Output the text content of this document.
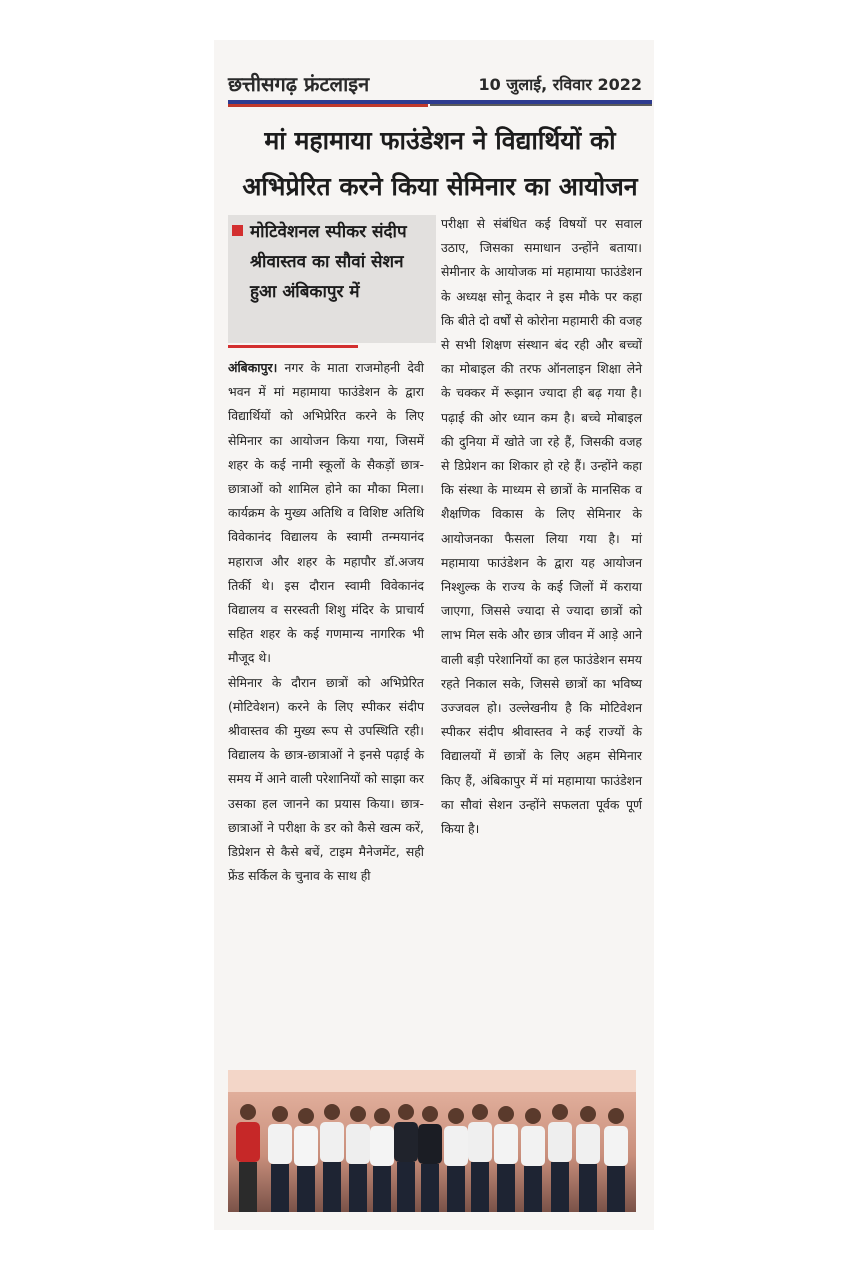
छत्तीसगढ़ फ्रंटलाइन	10 जुलाई, रविवार 2022
मां महामाया फाउंडेशन ने विद्यार्थियों को अभिप्रेरित करने किया सेमिनार का आयोजन
मोटिवेशनल स्पीकर संदीप श्रीवास्तव का सौवां सेशन हुआ अंबिकापुर में

अंबिकापुर। नगर के माता राजमोहनी देवी भवन में मां महामाया फाउंडेशन के द्वारा विद्यार्थियों को अभिप्रेरित करने के लिए सेमिनार का आयोजन किया गया, जिसमें शहर के कई नामी स्कूलों के सैकड़ों छात्र-छात्राओं को शामिल होने का मौका मिला। कार्यक्रम के मुख्य अतिथि व विशिष्ट अतिथि विवेकानंद विद्यालय के स्वामी तन्मयानंद महाराज और शहर के महापौर डॉ.अजय तिर्की थे। इस दौरान स्वामी विवेकानंद विद्यालय व सरस्वती शिशु मंदिर के प्राचार्य सहित शहर के कई गणमान्य नागरिक भी मौजूद थे।

सेमिनार के दौरान छात्रों को अभिप्रेरित (मोटिवेशन) करने के लिए स्पीकर संदीप श्रीवास्तव की मुख्य रूप से उपस्थिति रही। विद्यालय के छात्र-छात्राओं ने इनसे पढ़ाई के समय में आने वाली परेशानियों को साझा कर उसका हल जानने का प्रयास किया। छात्र-छात्राओं ने परीक्षा के डर को कैसे खत्म करें, डिप्रेशन से कैसे बचें, टाइम मैनेजमेंट, सही फ्रेंड सर्किल के चुनाव के साथ ही

परीक्षा से संबंधित कई विषयों पर सवाल उठाए, जिसका समाधान उन्होंने बताया। सेमीनार के आयोजक मां महामाया फाउंडेशन के अध्यक्ष सोनू केदार ने इस मौके पर कहा कि बीते दो वर्षों से कोरोना महामारी की वजह से सभी शिक्षण संस्थान बंद रही और बच्चों का मोबाइल की तरफ ऑनलाइन शिक्षा लेने के चक्कर में रूझान ज्यादा ही बढ़ गया है। पढ़ाई की ओर ध्यान कम है। बच्चे मोबाइल की दुनिया में खोते जा रहे हैं, जिसकी वजह से डिप्रेशन का शिकार हो रहे हैं। उन्होंने कहा कि संस्था के माध्यम से छात्रों के मानसिक व शैक्षणिक विकास के लिए सेमिनार के आयोजनका फैसला लिया गया है। मां महामाया फाउंडेशन के द्वारा यह आयोजन निश्शुल्क के राज्य के कई जिलों में कराया जाएगा, जिससे ज्यादा से ज्यादा छात्रों को लाभ मिल सके और छात्र जीवन में आड़े आने वाली बड़ी परेशानियों का हल फाउंडेशन समय रहते निकाल सके, जिससे छात्रों का भविष्य उज्जवल हो। उल्लेखनीय है कि मोटिवेशन स्पीकर संदीप श्रीवास्तव ने कई राज्यों के विद्यालयों में छात्रों के लिए अहम सेमिनार किए हैं, अंबिकापुर में मां महामाया फाउंडेशन का सौवां सेशन उन्होंने सफलता पूर्वक पूर्ण किया है।
